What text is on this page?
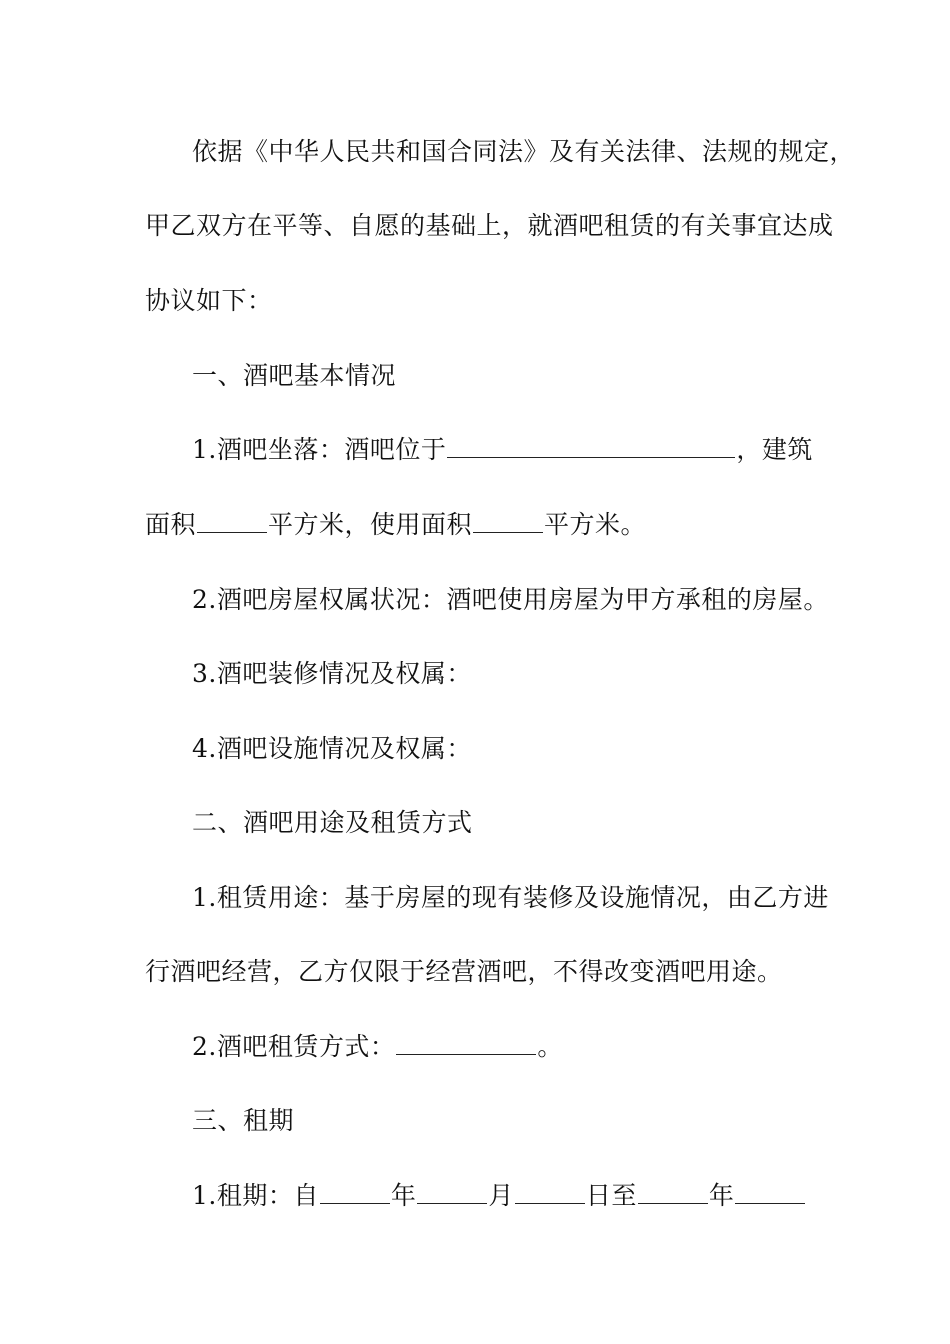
依据《中华人民共和国合同法》及有关法律、法规的规定，
甲乙双方在平等、自愿的基础上，就酒吧租赁的有关事宜达成
协议如下：
一、酒吧基本情况
1.酒吧坐落：酒吧位于	，建筑
面积	平方米，使用面积	平方米。
2.酒吧房屋权属状况：酒吧使用房屋为甲方承租的房屋。
3.酒吧装修情况及权属：
4.酒吧设施情况及权属：
二、酒吧用途及租赁方式
1.租赁用途：基于房屋的现有装修及设施情况，由乙方进
行酒吧经营，乙方仅限于经营酒吧，不得改变酒吧用途。
2.酒吧租赁方式：	。
三、租期
1.租期：自	年	月	日至	年
